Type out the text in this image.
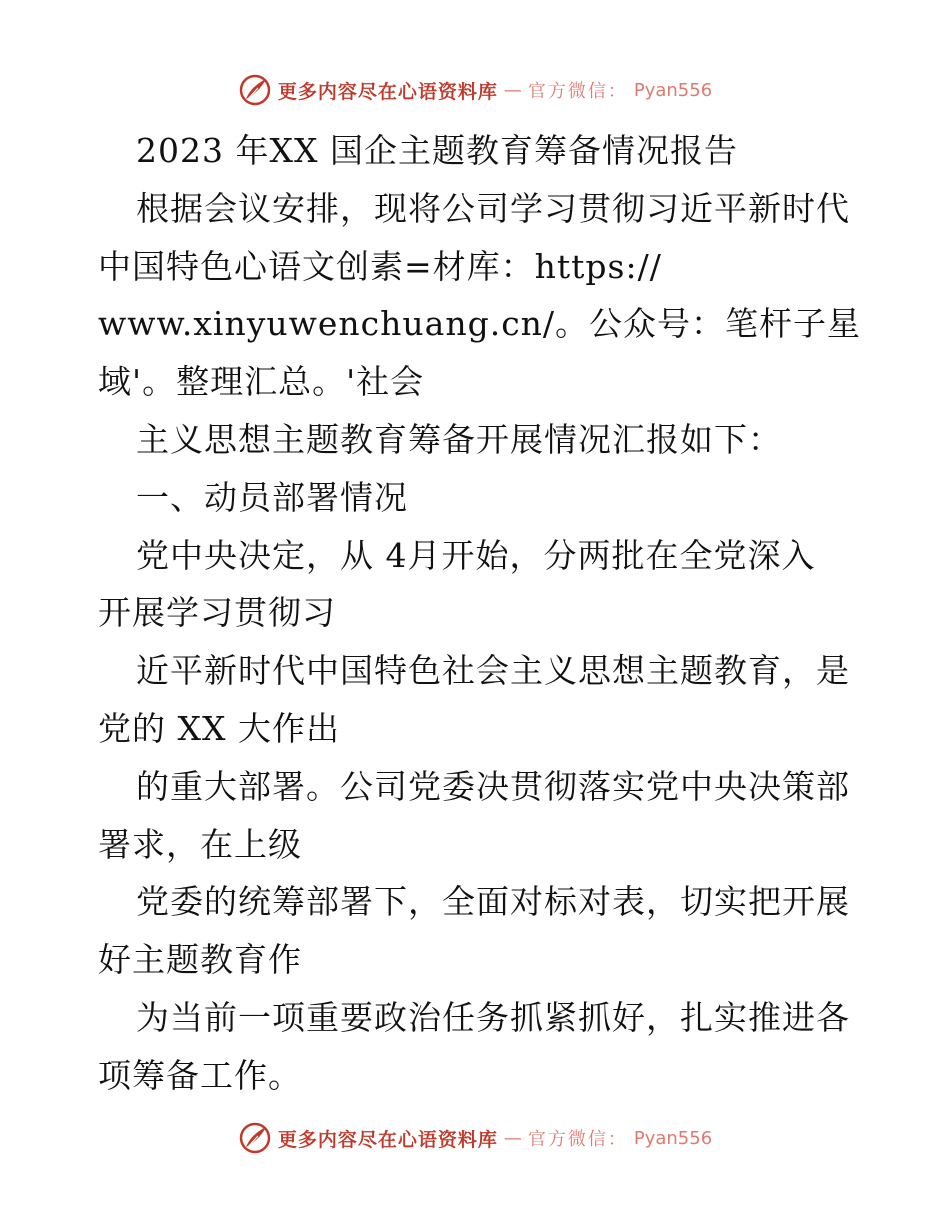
更多内容尽在心语资料库 — 官方微信： Pyan556
2023 年XX 国企主题教育筹备情况报告
根据会议安排，现将公司学习贯彻习近平新时代
中国特色心语文创素=材库：https://
www.xinyuwenchuang.cn/。公众号：笔杆子星
域'。整理汇总。'社会
主义思想主题教育筹备开展情况汇报如下：
一、动员部署情况
党中央决定，从 4月开始，分两批在全党深入
开展学习贯彻习
近平新时代中国特色社会主义思想主题教育，是
党的 XX 大作出
的重大部署。公司党委决贯彻落实党中央决策部
署求，在上级
党委的统筹部署下，全面对标对表，切实把开展
好主题教育作
为当前一项重要政治任务抓紧抓好，扎实推进各
项筹备工作。
更多内容尽在心语资料库 — 官方微信： Pyan556
